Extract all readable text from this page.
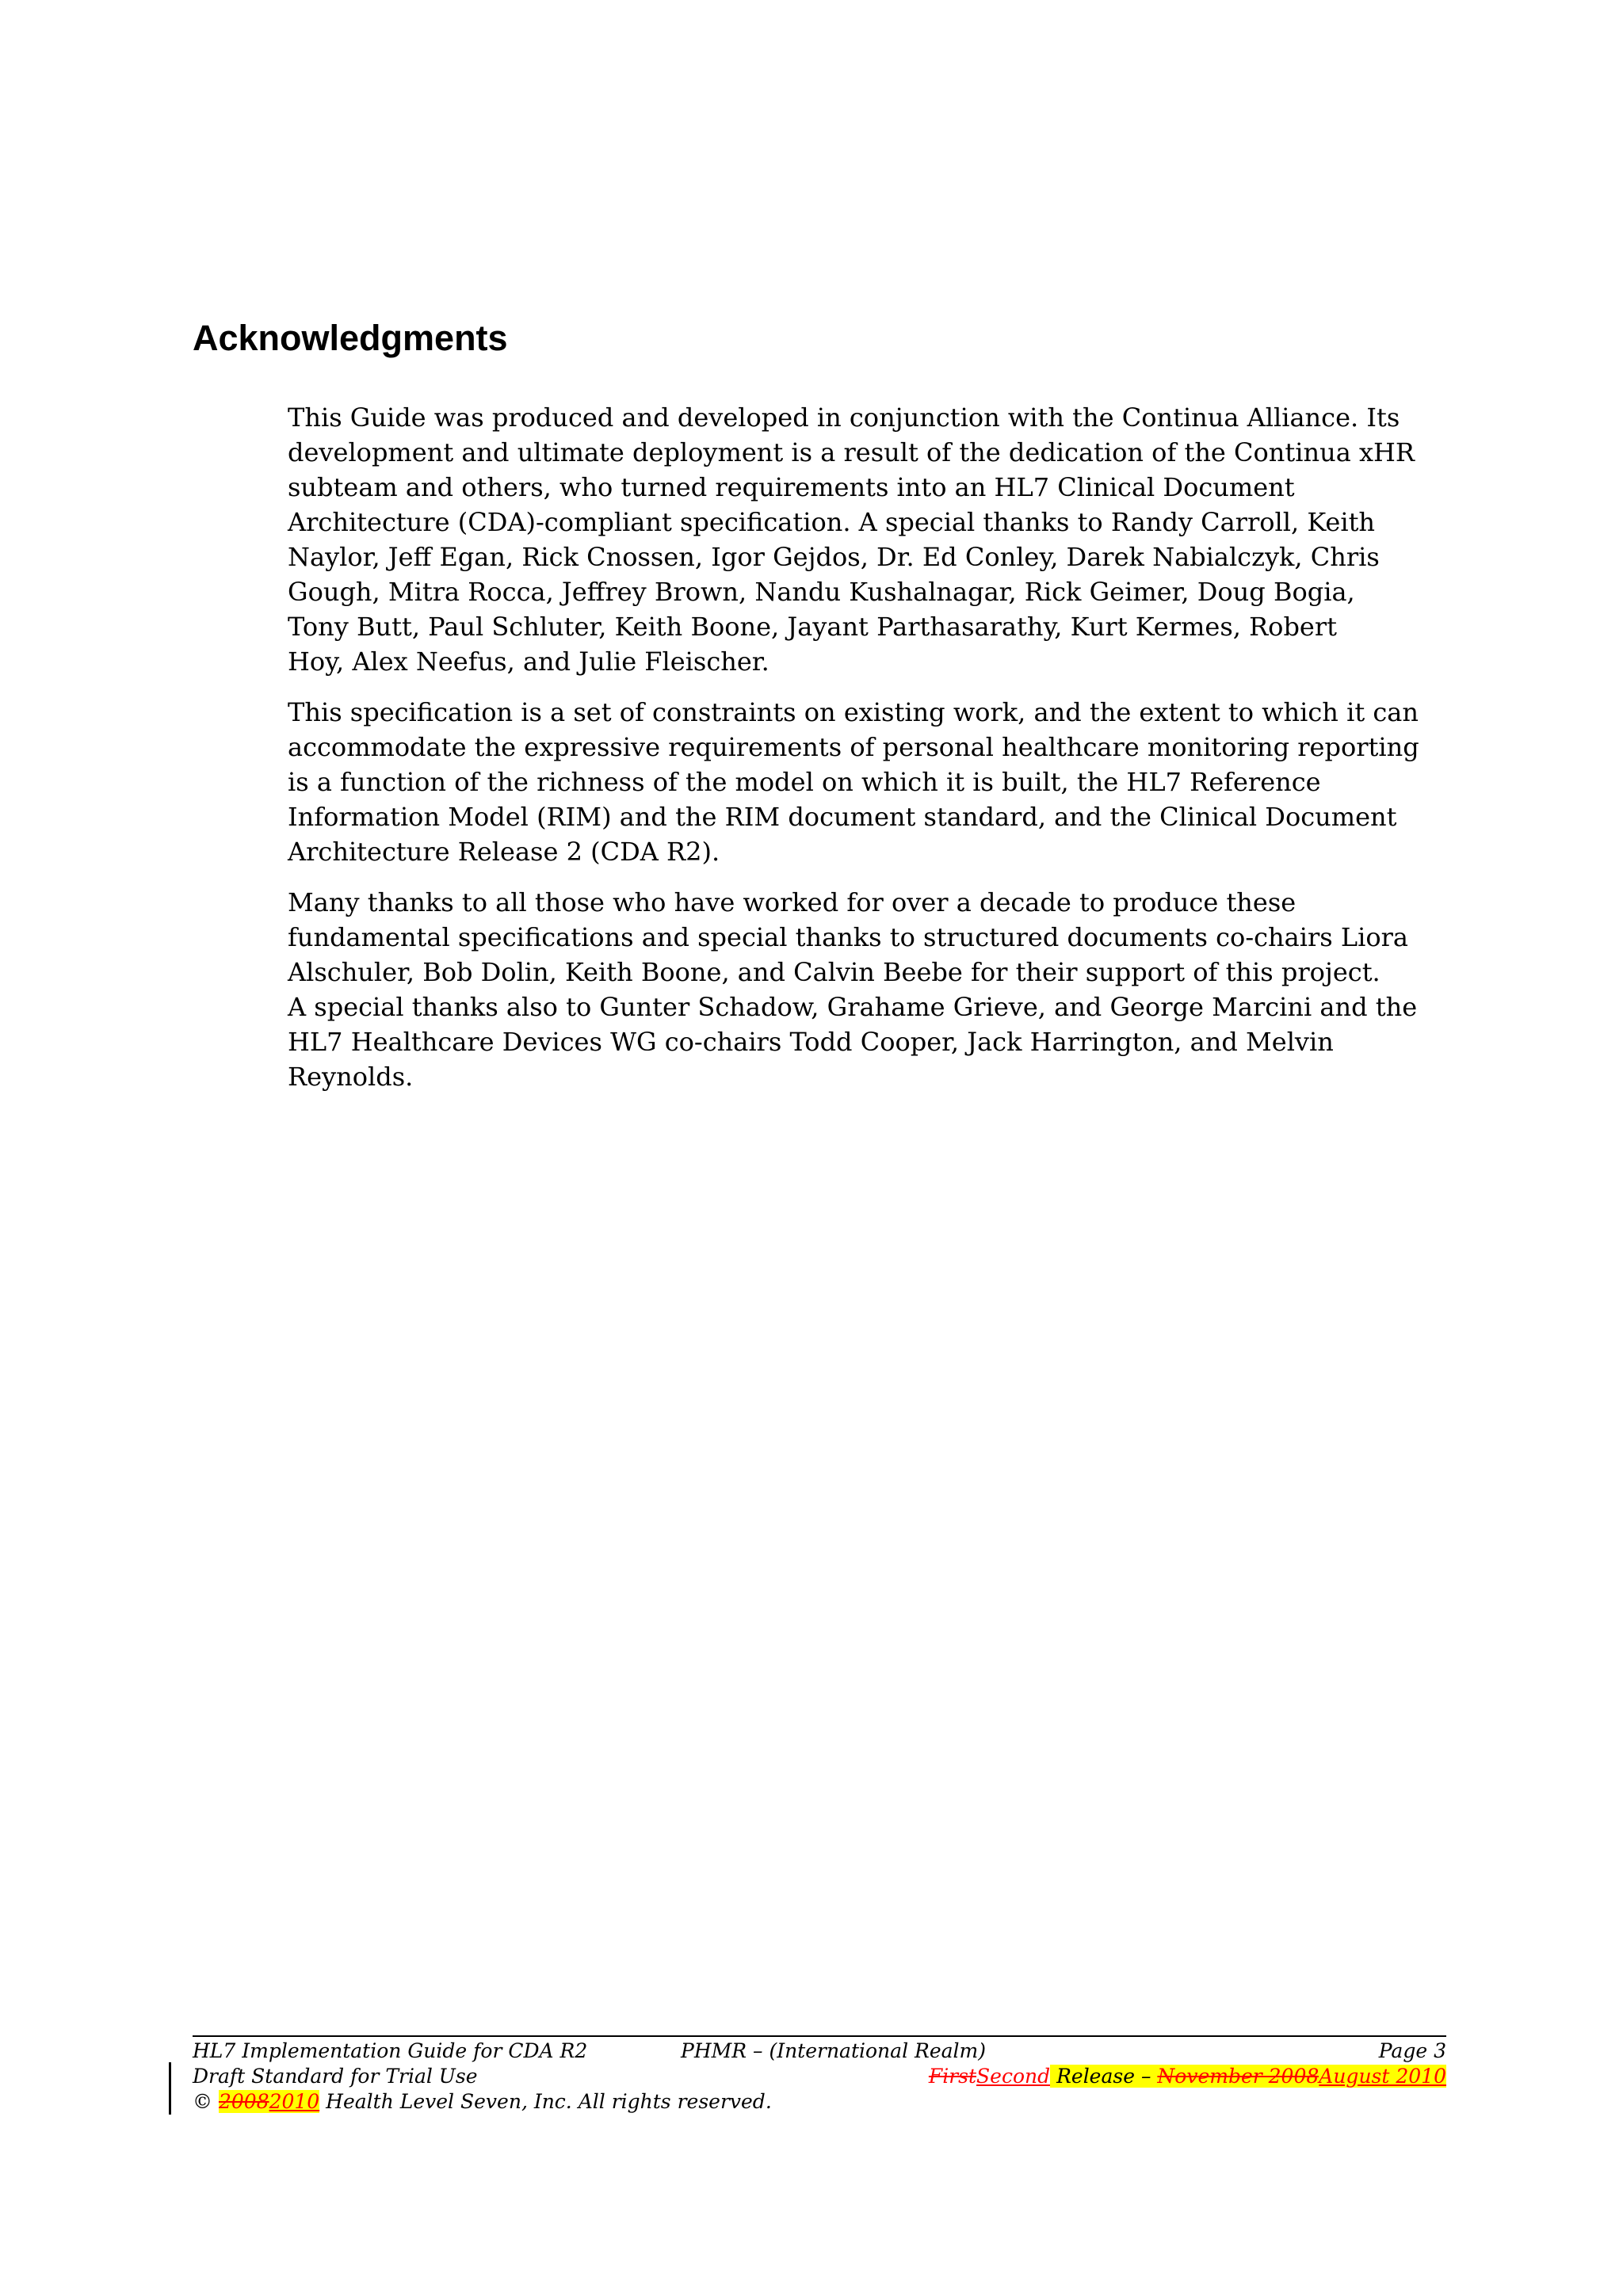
Acknowledgments

This Guide was produced and developed in conjunction with the Continua Alliance. Its
development and ultimate deployment is a result of the dedication of the Continua xHR
subteam and others, who turned requirements into an HL7 Clinical Document
Architecture (CDA)-compliant specification. A special thanks to Randy Carroll, Keith
Naylor, Jeff Egan, Rick Cnossen, Igor Gejdos, Dr. Ed Conley, Darek Nabialczyk, Chris
Gough, Mitra Rocca, Jeffrey Brown, Nandu Kushalnagar, Rick Geimer, Doug Bogia,
Tony Butt, Paul Schluter, Keith Boone, Jayant Parthasarathy, Kurt Kermes, Robert
Hoy, Alex Neefus, and Julie Fleischer.

This specification is a set of constraints on existing work, and the extent to which it can
accommodate the expressive requirements of personal healthcare monitoring reporting
is a function of the richness of the model on which it is built, the HL7 Reference
Information Model (RIM) and the RIM document standard, and the Clinical Document
Architecture Release 2 (CDA R2).

Many thanks to all those who have worked for over a decade to produce these
fundamental specifications and special thanks to structured documents co-chairs Liora
Alschuler, Bob Dolin, Keith Boone, and Calvin Beebe for their support of this project.
A special thanks also to Gunter Schadow, Grahame Grieve, and George Marcini and the
HL7 Healthcare Devices WG co-chairs Todd Cooper, Jack Harrington, and Melvin
Reynolds.

HL7 Implementation Guide for CDA R2	PHMR – (International Realm)	Page 3
Draft Standard for Trial Use	FirstSecond Release – November 2008August 2010
© 20082010 Health Level Seven, Inc. All rights reserved.
